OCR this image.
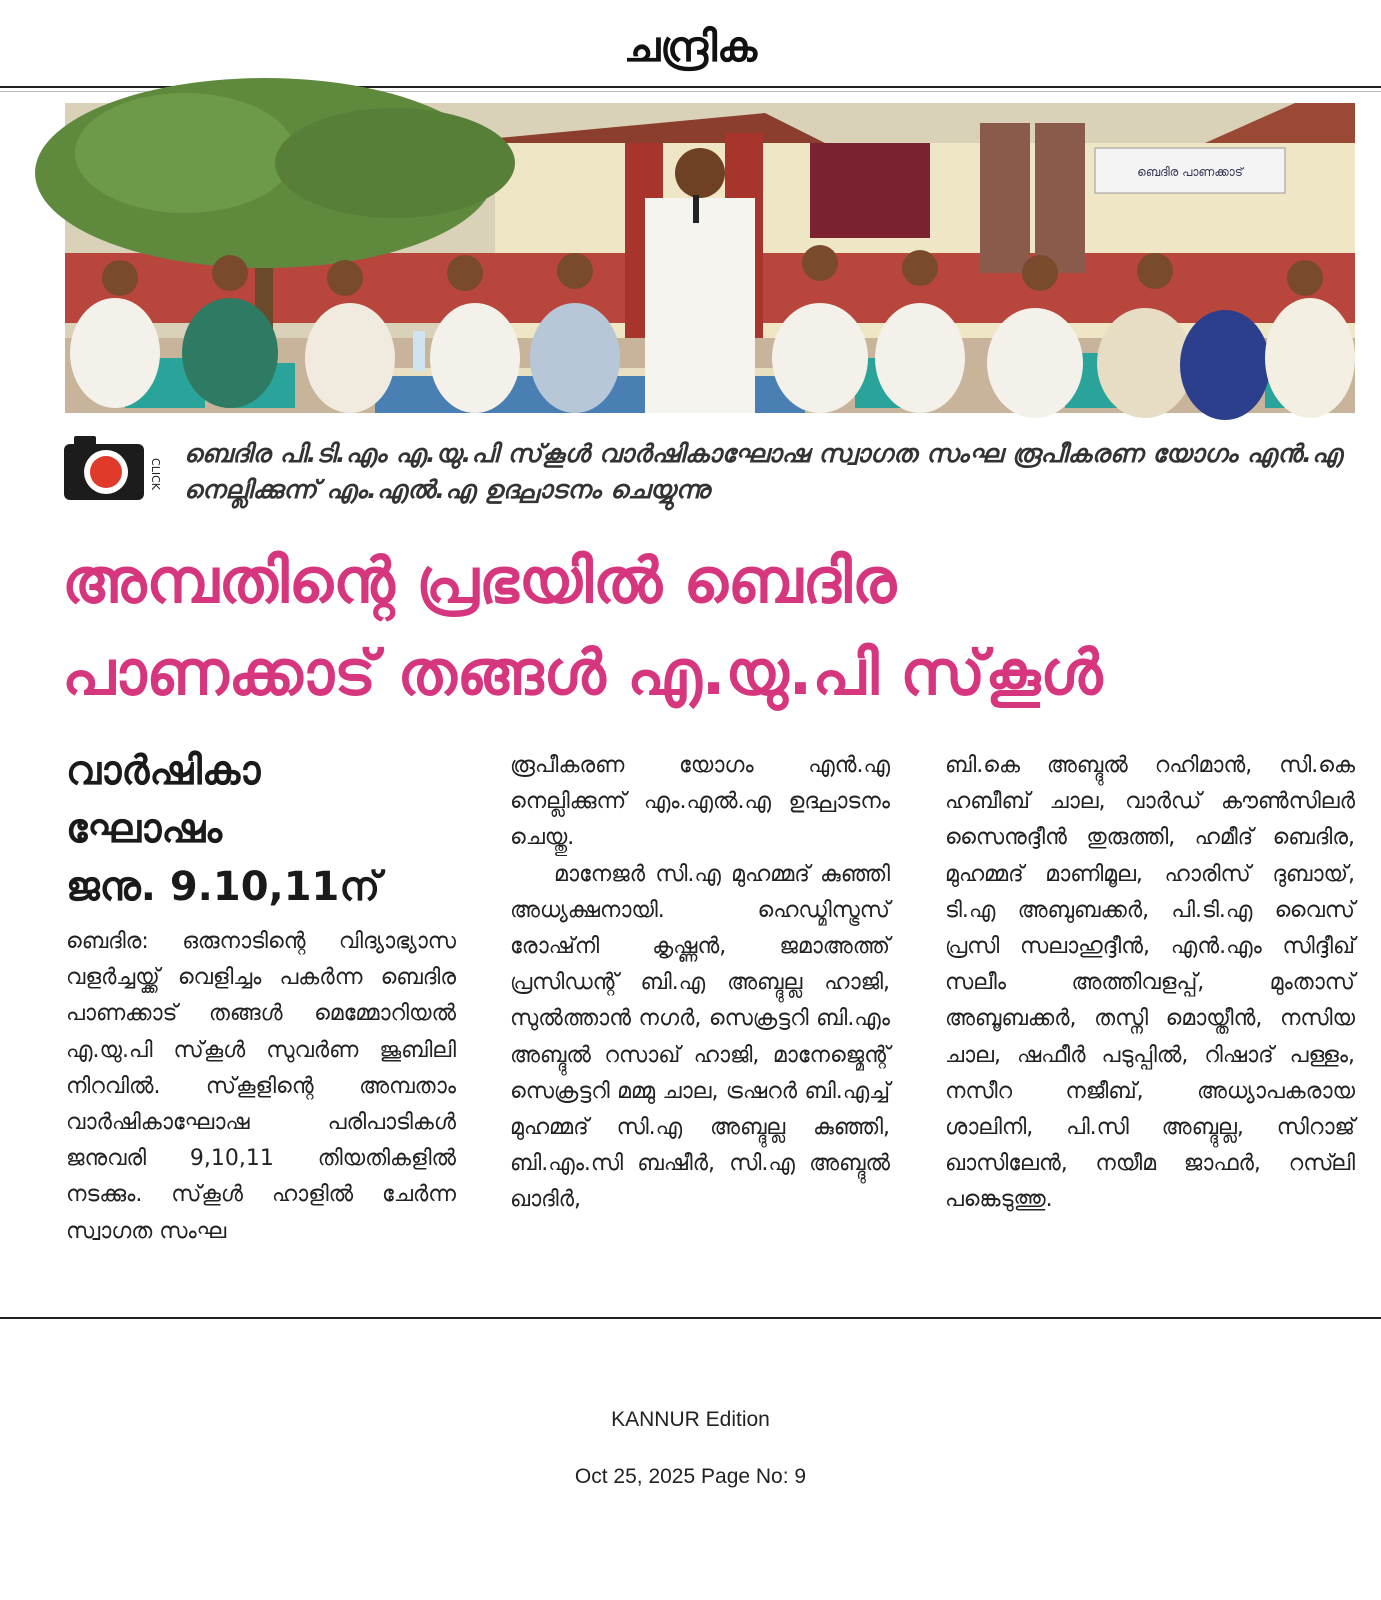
ചന്ദ്രിക
ബെദിര പാണക്കാട്
CLICK
ബെദിര പി.ടി.എം എ.യു.പി സ്‌കൂൾ വാർഷികാഘോഷ സ്വാഗത സംഘ രൂപീകരണ യോഗം എൻ.എ നെല്ലിക്കുന്ന് എം.എൽ.എ ഉദ്ഘാടനം ചെയ്യുന്നു
അമ്പതിന്റെ പ്രഭയിൽ ബെദിര
പാണക്കാട് തങ്ങൾ എ.യു.പി സ്‌കൂൾ
വാർഷികാ
ഘോഷം
ജനു. 9.10,11ന്

ബെദിര: ഒരുനാടിന്റെ വിദ്യാഭ്യാസ വളർച്ചയ്ക്ക് വെളിച്ചം പകർന്ന ബെദിര പാണക്കാട് തങ്ങൾ മെമ്മോറിയൽ എ.യു.പി സ്‌കൂൾ സുവർണ ജൂബിലി നിറവിൽ. സ്‌കൂളിന്റെ അമ്പതാം വാർഷികാഘോഷ പരിപാടികൾ ജനുവരി 9,10,11 തിയതികളിൽ നടക്കും. സ്‌കൂൾ ഹാളിൽ ചേർന്ന സ്വാഗത സംഘ

രൂപീകരണ യോഗം എൻ.എ നെല്ലിക്കുന്ന് എം.എൽ.എ ഉദ്ഘാടനം ചെയ്തു.

മാനേജർ സി.എ മുഹമ്മദ് കുഞ്ഞി അധ്യക്ഷനായി. ഹെഡ്മിസ്ട്രസ് രോഷ്‌നി കൃഷ്ണൻ, ജമാഅത്ത് പ്രസിഡന്റ് ബി.എ അബ്ദുല്ല ഹാജി, സുൽത്താൻ നഗർ, സെക്രട്ടറി ബി.എം അബ്ദുൽ റസാഖ് ഹാജി, മാനേജ്മെന്റ് സെക്രട്ടറി മമ്മു ചാല, ട്രഷറർ ബി.എച്ച് മുഹമ്മദ് സി.എ അബ്ദുല്ല കുഞ്ഞി, ബി.എം.സി ബഷീർ, സി.എ അബ്ദുൽ ഖാദിർ,

ബി.കെ അബ്ദുൽ റഹിമാൻ, സി.കെ ഹബീബ് ചാല, വാർഡ് കൗൺസിലർ സൈനുദ്ദീൻ തുരുത്തി, ഹമീദ് ബെദിര, മുഹമ്മദ് മാണിമൂല, ഹാരിസ് ദുബായ്, ടി.എ അബുബക്കർ, പി.ടി.എ വൈസ് പ്രസി സലാഹുദ്ദീൻ, എൻ.എം സിദ്ദീഖ് സലീം അത്തിവളപ്പ്, മുംതാസ് അബൂബക്കർ, തസ്നി മൊയ്തീൻ, നസിയ ചാല, ഷഫീർ പടുപ്പിൽ, റിഷാദ് പള്ളം, നസീറ നജീബ്, അധ്യാപകരായ ശാലിനി, പി.സി അബ്ദുല്ല, സിറാജ് ഖാസിലേൻ, നയീമ ജാഫർ, റസ്‍ലി പങ്കെടുത്തു.

KANNUR Edition
Oct 25, 2025 Page No: 9
